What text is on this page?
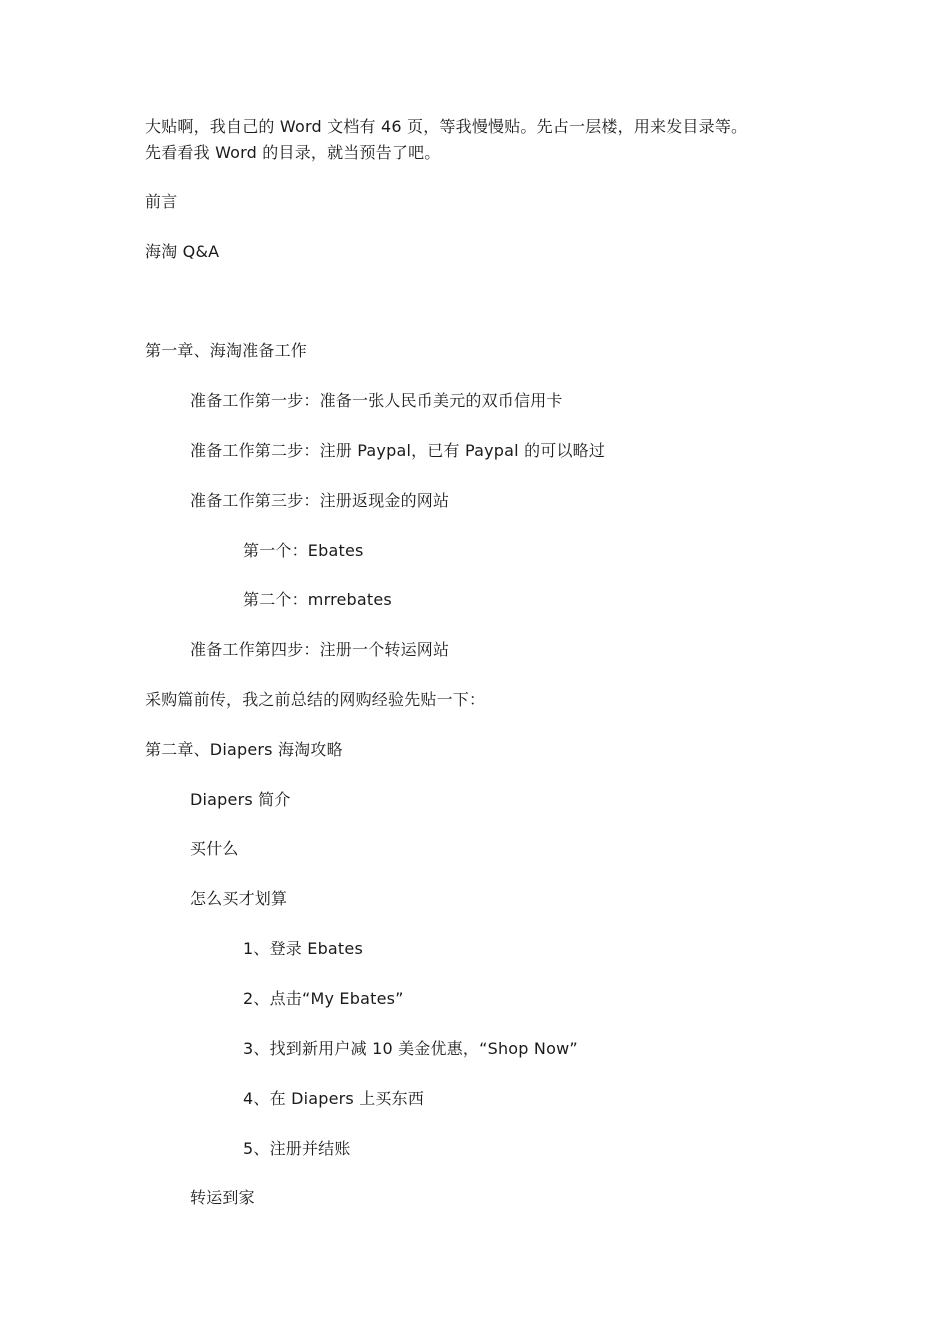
大贴啊，我自己的 Word 文档有 46 页，等我慢慢贴。先占一层楼，用来发目录等。
先看看我 Word 的目录，就当预告了吧。
前言
海淘 Q&A
第一章、海淘准备工作
准备工作第一步：准备一张人民币美元的双币信用卡
准备工作第二步：注册 Paypal，已有 Paypal 的可以略过
准备工作第三步：注册返现金的网站
第一个：Ebates
第二个：mrrebates
准备工作第四步：注册一个转运网站
采购篇前传，我之前总结的网购经验先贴一下：
第二章、Diapers 海淘攻略
Diapers 简介
买什么
怎么买才划算
1、登录 Ebates
2、点击“My Ebates”
3、找到新用户减 10 美金优惠，“Shop Now”
4、在 Diapers 上买东西
5、注册并结账
转运到家
